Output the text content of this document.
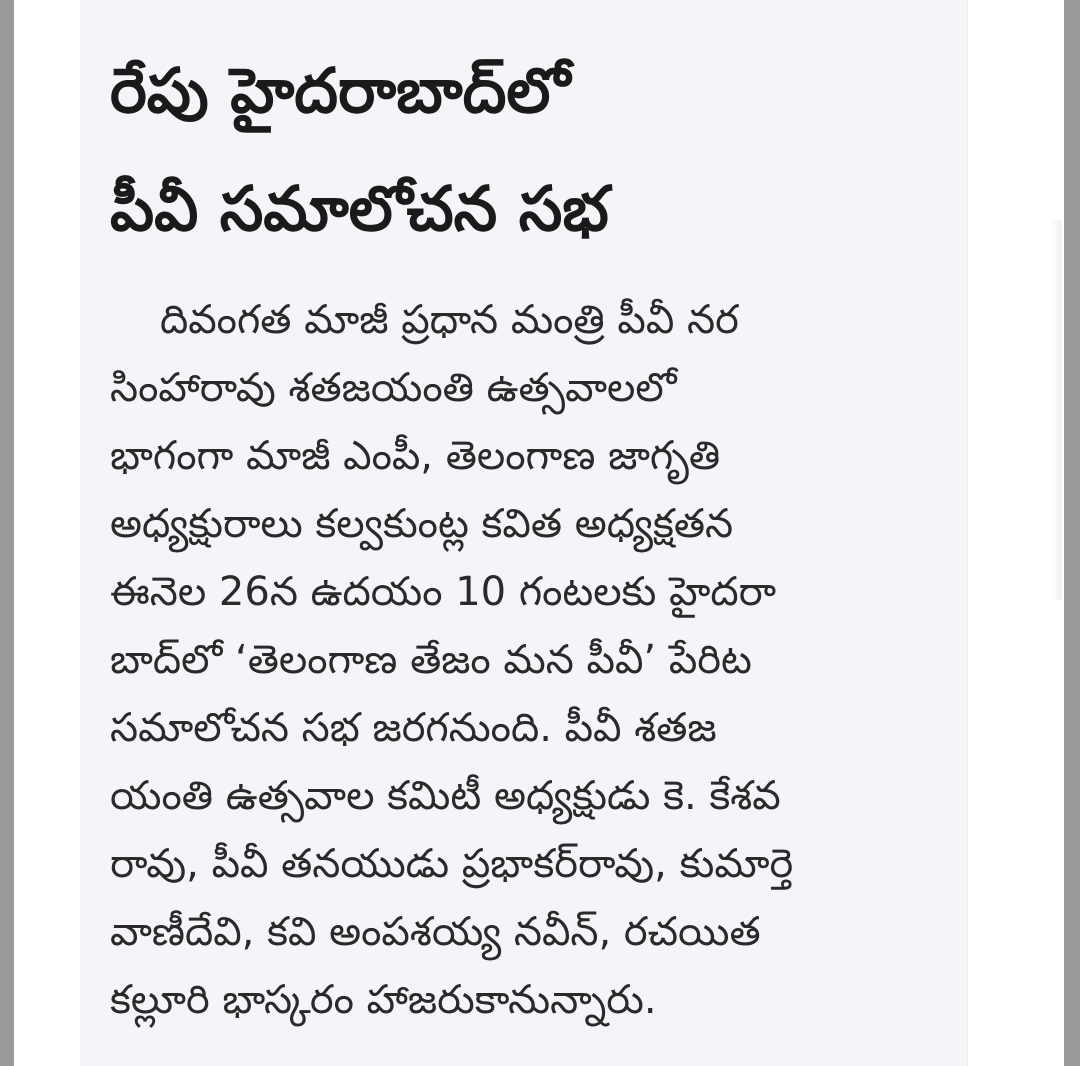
రేపు హైదరాబాద్‌లో
పీవీ సమాలోచన సభ
దివంగత మాజీ ప్రధాన మంత్రి పీవీ నర
సింహారావు శతజయంతి ఉత్సవాలలో
భాగంగా మాజీ ఎంపీ, తెలంగాణ జాగృతి
అధ్యక్షురాలు కల్వకుంట్ల కవిత అధ్యక్షతన
ఈనెల 26న ఉదయం 10 గంటలకు హైదరా
బాద్‌లో ‘తెలంగాణ తేజం మన పీవీ’ పేరిట
సమాలోచన సభ జరగనుంది. పీవీ శతజ
యంతి ఉత్సవాల కమిటీ అధ్యక్షుడు కె. కేశవ
రావు, పీవీ తనయుడు ప్రభాకర్‌రావు, కుమార్తె
వాణీదేవి, కవి అంపశయ్య నవీన్, రచయిత
కల్లూరి భాస్కరం హాజరుకానున్నారు.
